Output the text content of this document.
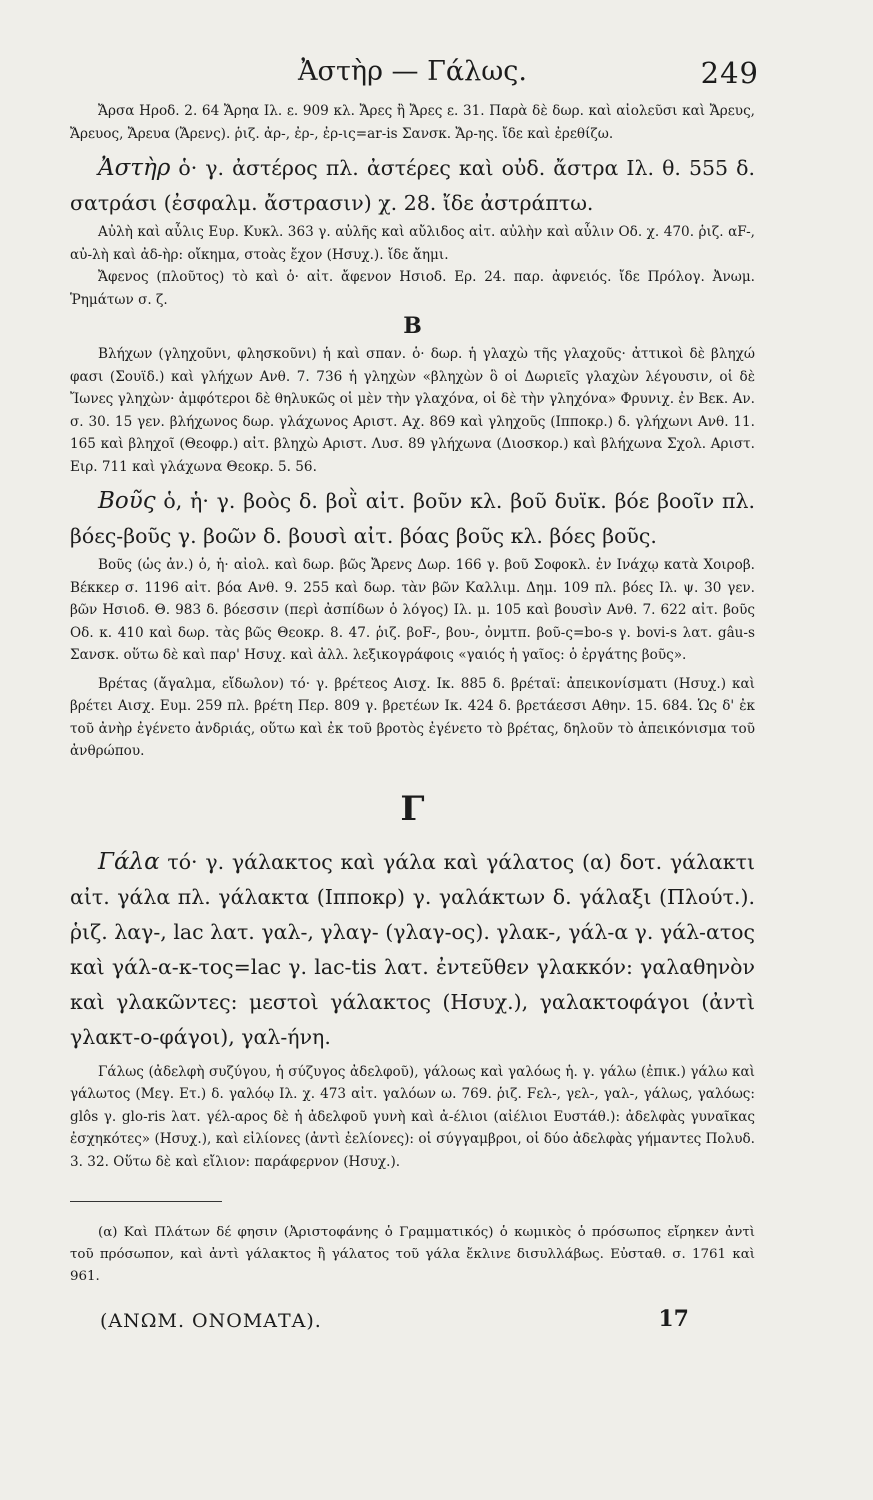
Ἀστὴρ — Γάλως.	249

Ἄρσα Ηροδ. 2. 64 Ἄρηα Ιλ. ε. 909 κλ. Ἄρες ἢ Ἄρες ε. 31. Παρὰ δὲ δωρ. καὶ αἰολεῦσι καὶ Ἄρευς, Ἄρευος, Ἄρευα (Ἄρενς). ῥιζ. ἀρ-, ἐρ-, ἐρ-ις=ar-is Σανσκ. Ἄρ-ης. ἴδε καὶ ἐρεθίζω.

Ἀστὴρ ὁ· γ. ἀστέρος πλ. ἀστέρες καὶ οὐδ. ἄστρα Ιλ. θ. 555 δ. σατράσι (ἐσφαλμ. ἄστρασιν) χ. 28. ἴδε ἀστράπτω.

Αὐλὴ καὶ αὖλις Ευρ. Κυκλ. 363 γ. αὐλῆς καὶ αὔλιδος αἰτ. αὐλὴν καὶ αὖλιν Οδ. χ. 470. ῥιζ. αF-, αὐ-λὴ καὶ ἀδ-ὴρ: οἴκημα, στοὰς ἔχον (Ησυχ.). ἴδε ἄημι.

Ἄφενος (πλοῦτος) τὸ καὶ ὁ· αἰτ. ἄφενον Ησιοδ. Ερ. 24. παρ. ἀφνειός. ἴδε Πρόλογ. Ἀνωμ. Ῥημάτων σ. ζ.

Β

Βλήχων (γληχοῦνι, φλησκοῦνι) ἡ καὶ σπαν. ὁ· δωρ. ἡ γλαχὼ τῆς γλαχοῦς· ἀττικοὶ δὲ βληχώ φασι (Σουϊδ.) καὶ γλήχων Ανθ. 7. 736 ἡ γληχὼν «βληχὼν ὃ οἱ Δωριεῖς γλαχὼν λέγουσιν, οἱ δὲ Ἴωνες γληχὼν· ἀμφότεροι δὲ θηλυκῶς οἱ μὲν τὴν γλαχόνα, οἱ δὲ τὴν γληχόνα» Φρυνιχ. ἐν Βεκ. Αν. σ. 30. 15 γεν. βλήχωνος δωρ. γλάχωνος Αριστ. Αχ. 869 καὶ γληχοῦς (Ιπποκρ.) δ. γλήχωνι Ανθ. 11. 165 καὶ βληχοῖ (Θεοφρ.) αἰτ. βληχὼ Αριστ. Λυσ. 89 γλήχωνα (Διοσκορ.) καὶ βλήχωνα Σχολ. Αριστ. Ειρ. 711 καὶ γλάχωνα Θεοκρ. 5. 56.

Βοῦς ὁ, ἡ· γ. βοὸς δ. βοῒ αἰτ. βοῦν κλ. βοῦ δυϊκ. βόε βοοῖν πλ. βόες-βοῦς γ. βοῶν δ. βουσὶ αἰτ. βόας βοῦς κλ. βόες βοῦς.

Βοῦς (ὡς ἀν.) ὁ, ἡ· αἰολ. καὶ δωρ. βῶς Ἄρενς Δωρ. 166 γ. βοῦ Σοφοκλ. ἐν Ινάχῳ κατὰ Χοιροβ. Βέκκερ σ. 1196 αἰτ. βόα Ανθ. 9. 255 καὶ δωρ. τὰν βῶν Καλλιμ. Δημ. 109 πλ. βόες Ιλ. ψ. 30 γεν. βῶν Ησιοδ. Θ. 983 δ. βόεσσιν (περὶ ἀσπίδων ὁ λόγος) Ιλ. μ. 105 καὶ βουσὶν Ανθ. 7. 622 αἰτ. βοῦς Οδ. κ. 410 καὶ δωρ. τὰς βῶς Θεοκρ. 8. 47. ῥιζ. βοF-, βου-, ὀνμτπ. βοῦ-ς=bo-s γ. bovi-s λατ. gâu-s Σανσκ. οὕτω δὲ καὶ παρ' Ησυχ. καὶ ἀλλ. λεξικογράφοις «γαιός ἡ γαῖος: ὁ ἐργάτης βοῦς».

Βρέτας (ἄγαλμα, εἴδωλον) τό· γ. βρέτεος Αισχ. Ικ. 885 δ. βρέταϊ: ἀπεικονίσματι (Ησυχ.) καὶ βρέτει Αισχ. Ευμ. 259 πλ. βρέτη Περ. 809 γ. βρετέων Ικ. 424 δ. βρετάεσσι Αθην. 15. 684. Ὡς δ' ἐκ τοῦ ἀνὴρ ἐγένετο ἀνδριάς, οὕτω καὶ ἐκ τοῦ βροτὸς ἐγένετο τὸ βρέτας, δηλοῦν τὸ ἀπεικόνισμα τοῦ ἀνθρώπου.

Γ

Γάλα τό· γ. γάλακτος καὶ γάλα καὶ γάλατος (α) δοτ. γάλακτι αἰτ. γάλα πλ. γάλακτα (Ιπποκρ) γ. γαλάκτων δ. γάλαξι (Πλούτ.). ῥιζ. λαγ-, lac λατ. γαλ-, γλαγ- (γλαγ-ος). γλακ-, γάλ-α γ. γάλ-ατος καὶ γάλ-α-κ-τος=lac γ. lac-tis λατ. ἐντεῦθεν γλακκόν: γαλαθηνὸν καὶ γλακῶντες: μεστοὶ γάλακτος (Ησυχ.), γαλακτοφάγοι (ἀντὶ γλακτ-ο-φάγοι), γαλ-ήνη.

Γάλως (ἀδελφὴ συζύγου, ἡ σύζυγος ἀδελφοῦ), γάλοως καὶ γαλόως ἡ. γ. γάλω (ἐπικ.) γάλω καὶ γάλωτος (Μεγ. Ετ.) δ. γαλόῳ Ιλ. χ. 473 αἰτ. γαλόων ω. 769. ῥιζ. Fελ-, γελ-, γαλ-, γάλως, γαλόως: glôs γ. glo-ris λατ. γέλ-αρος δὲ ἡ ἀδελφοῦ γυνὴ καὶ ἀ-έλιοι (αἰέλιοι Ευστάθ.): ἀδελφὰς γυναῖκας ἐσχηκότες» (Ησυχ.), καὶ εἰλίονες (ἀντὶ ἐελίονες): οἱ σύγγαμβροι, οἱ δύο ἀδελφὰς γήμαντες Πολυδ. 3. 32. Οὕτω δὲ καὶ εἴλιον: παράφερνον (Ησυχ.).

(α) Καὶ Πλάτων δέ φησιν (Ἀριστοφάνης ὁ Γραμματικός) ὁ κωμικὸς ὁ πρόσωπος εἴρηκεν ἀντὶ τοῦ πρόσωπον, καὶ ἀντὶ γάλακτος ἢ γάλατος τοῦ γάλα ἔκλινε δισυλλάβως. Εὐσταθ. σ. 1761 καὶ 961.

(ΑΝΩΜ. ΟΝΟΜΑΤΑ).	17
